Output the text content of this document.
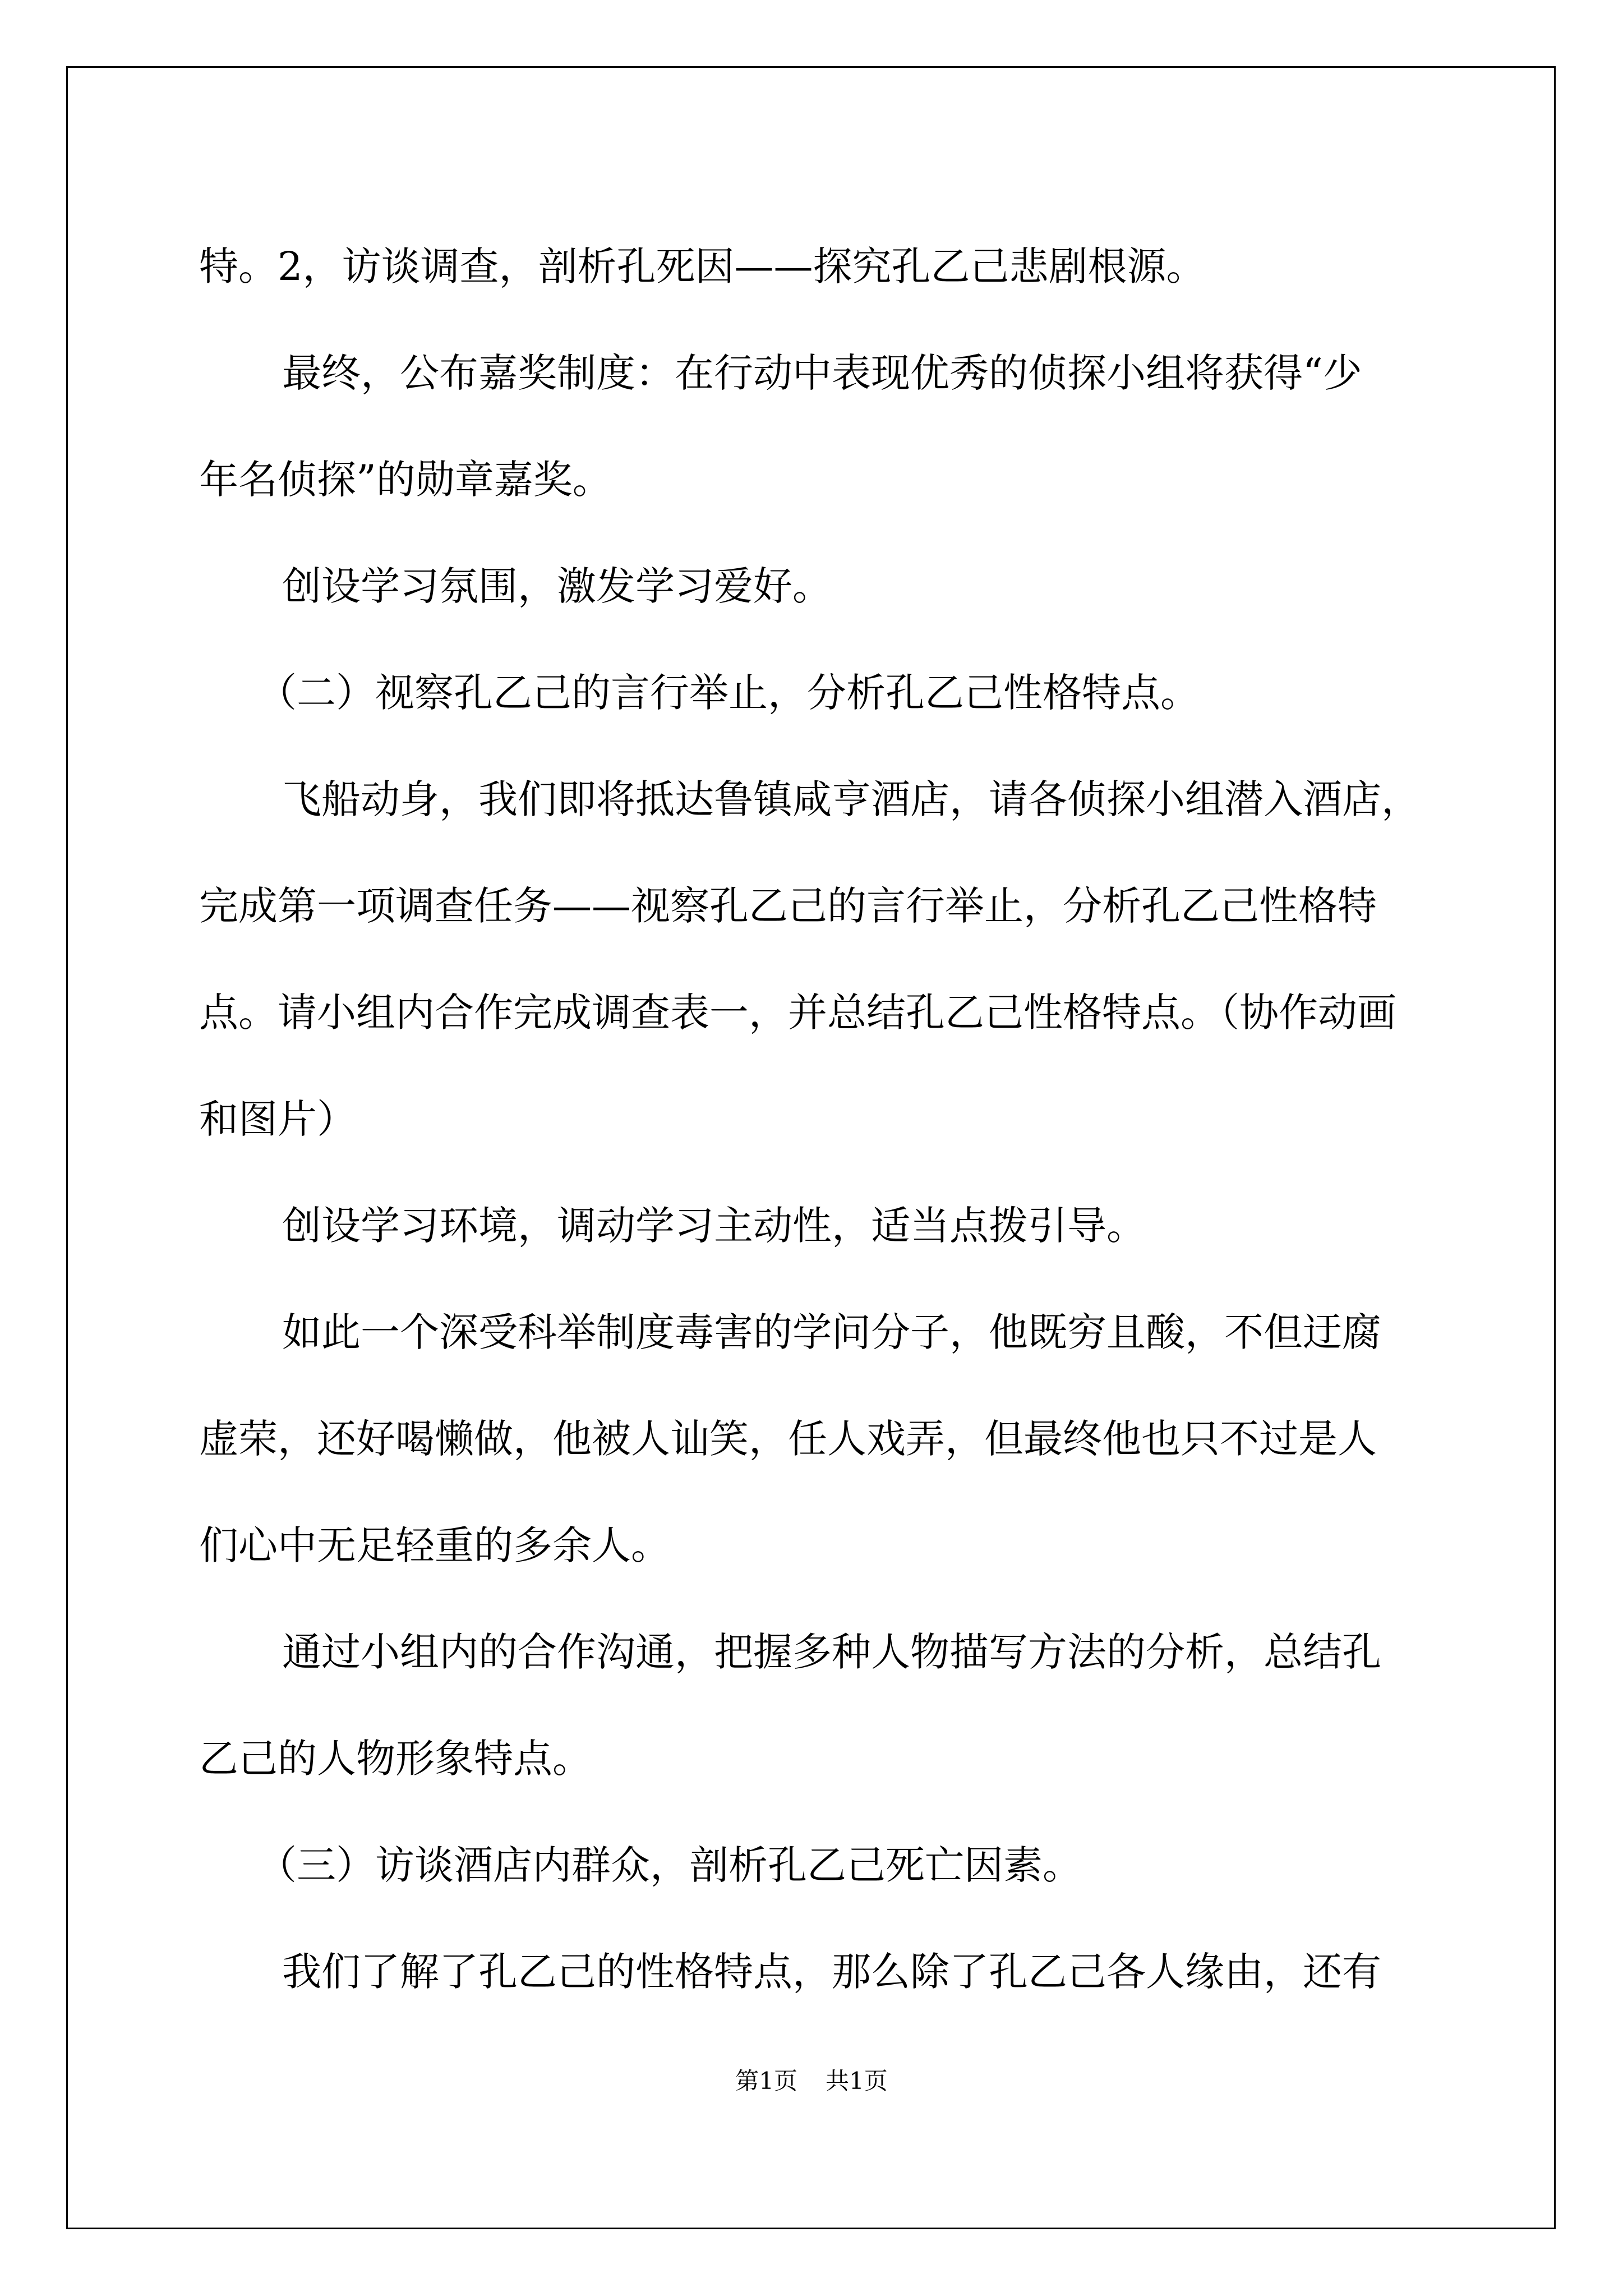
特。2，访谈调查，剖析孔死因——探究孔乙己悲剧根源。
最终，公布嘉奖制度：在行动中表现优秀的侦探小组将获得“少
年名侦探”的勋章嘉奖。
创设学习氛围，激发学习爱好。
（二）视察孔乙己的言行举止，分析孔乙己性格特点。
飞船动身，我们即将抵达鲁镇咸亨酒店，请各侦探小组潜入酒店，
完成第一项调查任务——视察孔乙己的言行举止，分析孔乙己性格特
点。请小组内合作完成调查表一，并总结孔乙己性格特点。（协作动画
和图片）
创设学习环境，调动学习主动性，适当点拨引导。
如此一个深受科举制度毒害的学问分子，他既穷且酸，不但迂腐
虚荣，还好喝懒做，他被人讪笑，任人戏弄，但最终他也只不过是人
们心中无足轻重的多余人。
通过小组内的合作沟通，把握多种人物描写方法的分析，总结孔
乙己的人物形象特点。
（三）访谈酒店内群众，剖析孔乙己死亡因素。
我们了解了孔乙己的性格特点，那么除了孔乙己各人缘由，还有
第1页 共1页
